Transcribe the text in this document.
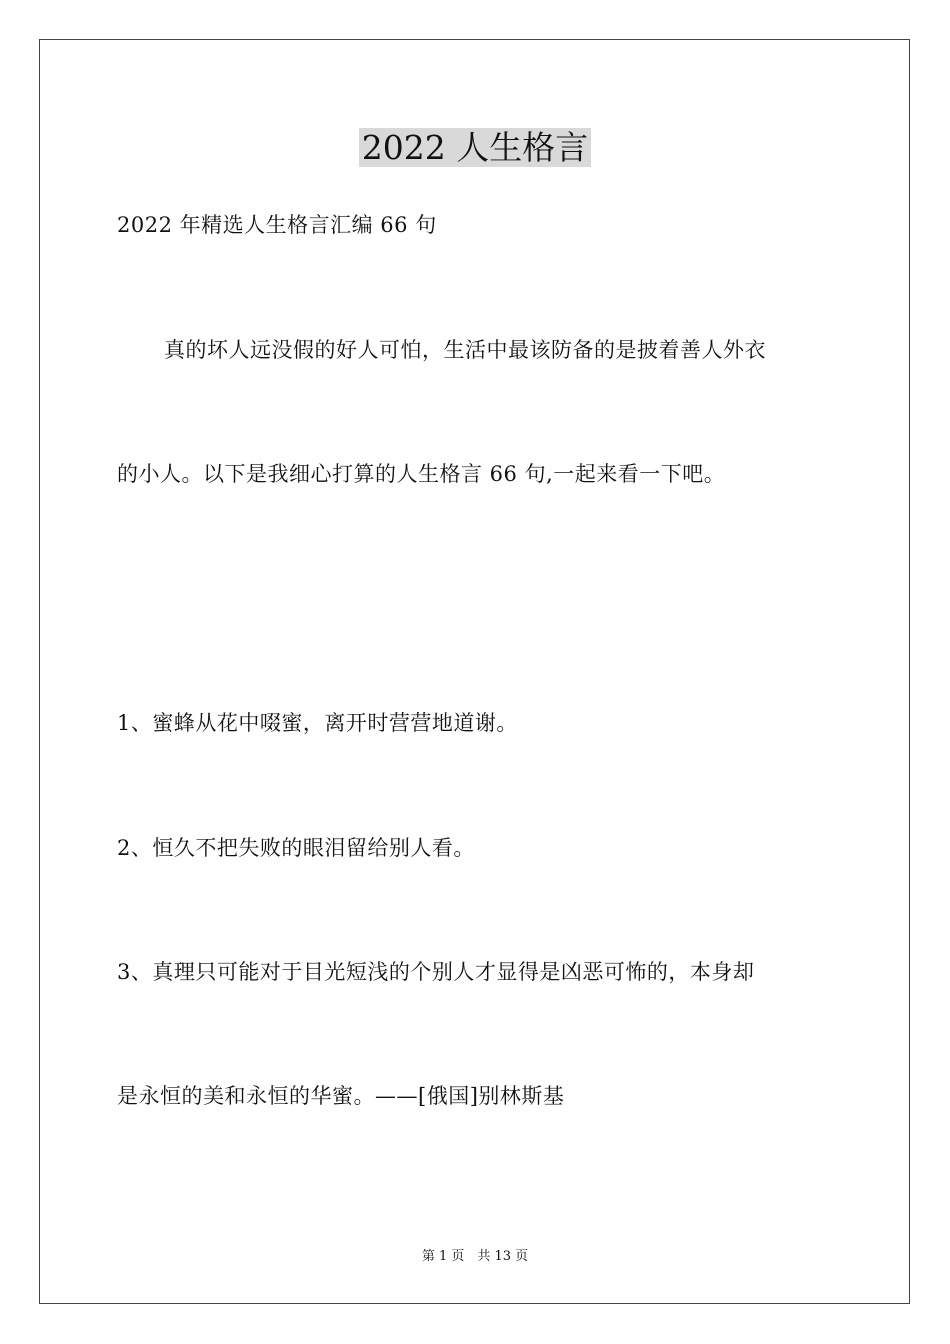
2022 人生格言
2022 年精选人生格言汇编 66 句
真的坏人远没假的好人可怕，生活中最该防备的是披着善人外衣
的小人。以下是我细心打算的人生格言 66 句,一起来看一下吧。
1、蜜蜂从花中啜蜜，离开时营营地道谢。
2、恒久不把失败的眼泪留给别人看。
3、真理只可能对于目光短浅的个别人才显得是凶恶可怖的，本身却
是永恒的美和永恒的华蜜。——[俄国]别林斯基
第 1 页　共 13 页
